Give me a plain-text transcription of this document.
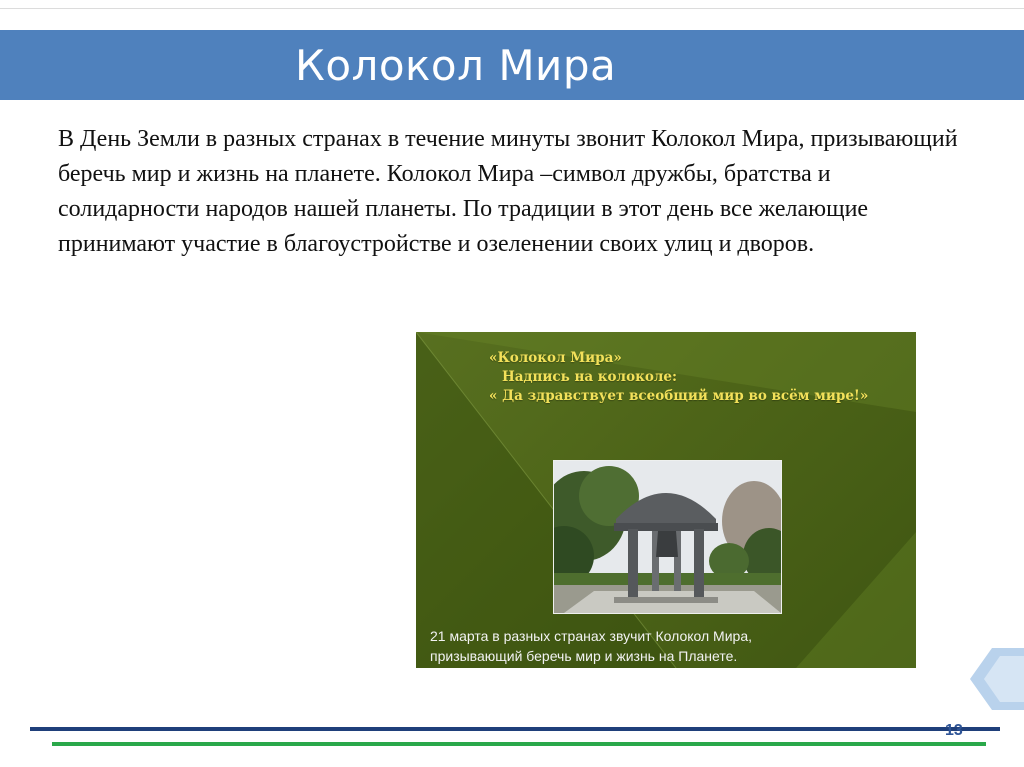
Колокол Мира
В День Земли в разных странах в течение минуты звонит Колокол Мира, призывающий беречь мир и жизнь на планете. Колокол Мира –символ дружбы, братства и солидарности народов нашей планеты. По традиции в этот день все желающие принимают участие в благоустройстве и озеленении своих улиц и дворов.
«Колокол Мира»
Надпись на колоколе:
« Да здравствует всеобщий мир во всём мире!»
21 марта в разных странах звучит Колокол Мира,
призывающий беречь мир и жизнь на Планете.
13
